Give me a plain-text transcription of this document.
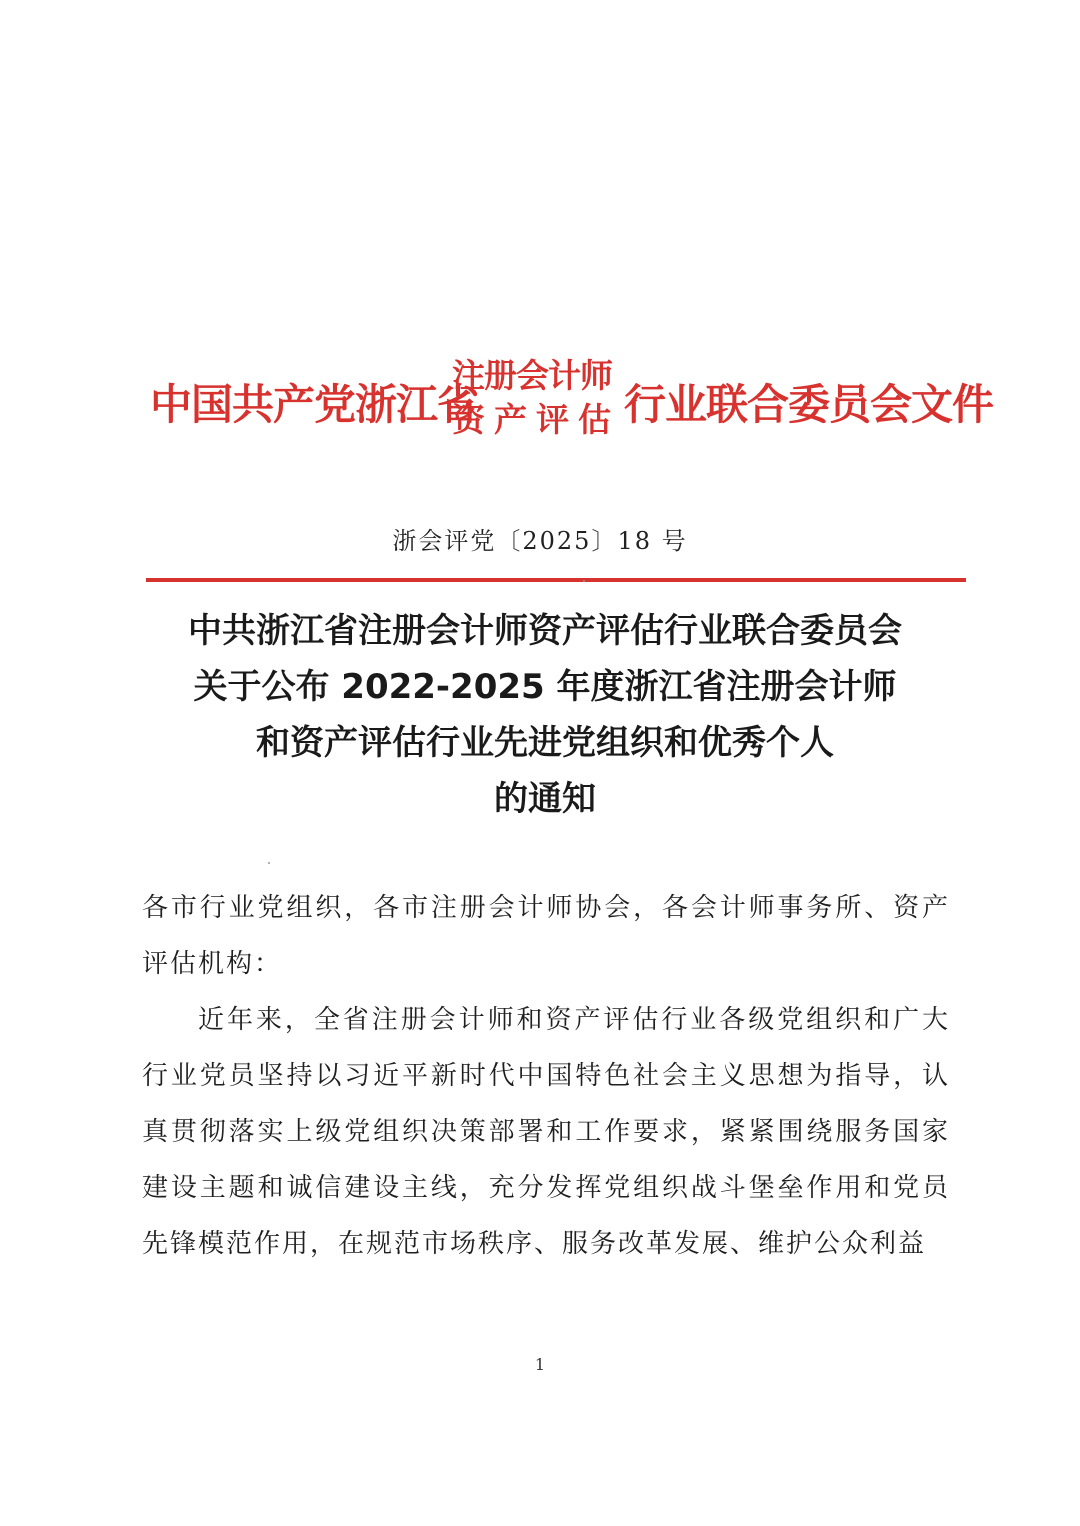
中国共产党浙江省
注册会计师
资产评估 行业联合委员会文件
浙会评党〔2025〕18 号
中共浙江省注册会计师资产评估行业联合委员会
关于公布 2022-2025 年度浙江省注册会计师
和资产评估行业先进党组织和优秀个人
的通知

各市行业党组织，各市注册会计师协会，各会计师事务所、资产评估机构：

近年来，全省注册会计师和资产评估行业各级党组织和广大行业党员坚持以习近平新时代中国特色社会主义思想为指导，认真贯彻落实上级党组织决策部署和工作要求，紧紧围绕服务国家建设主题和诚信建设主线，充分发挥党组织战斗堡垒作用和党员先锋模范作用，在规范市场秩序、服务改革发展、维护公众利益

1
